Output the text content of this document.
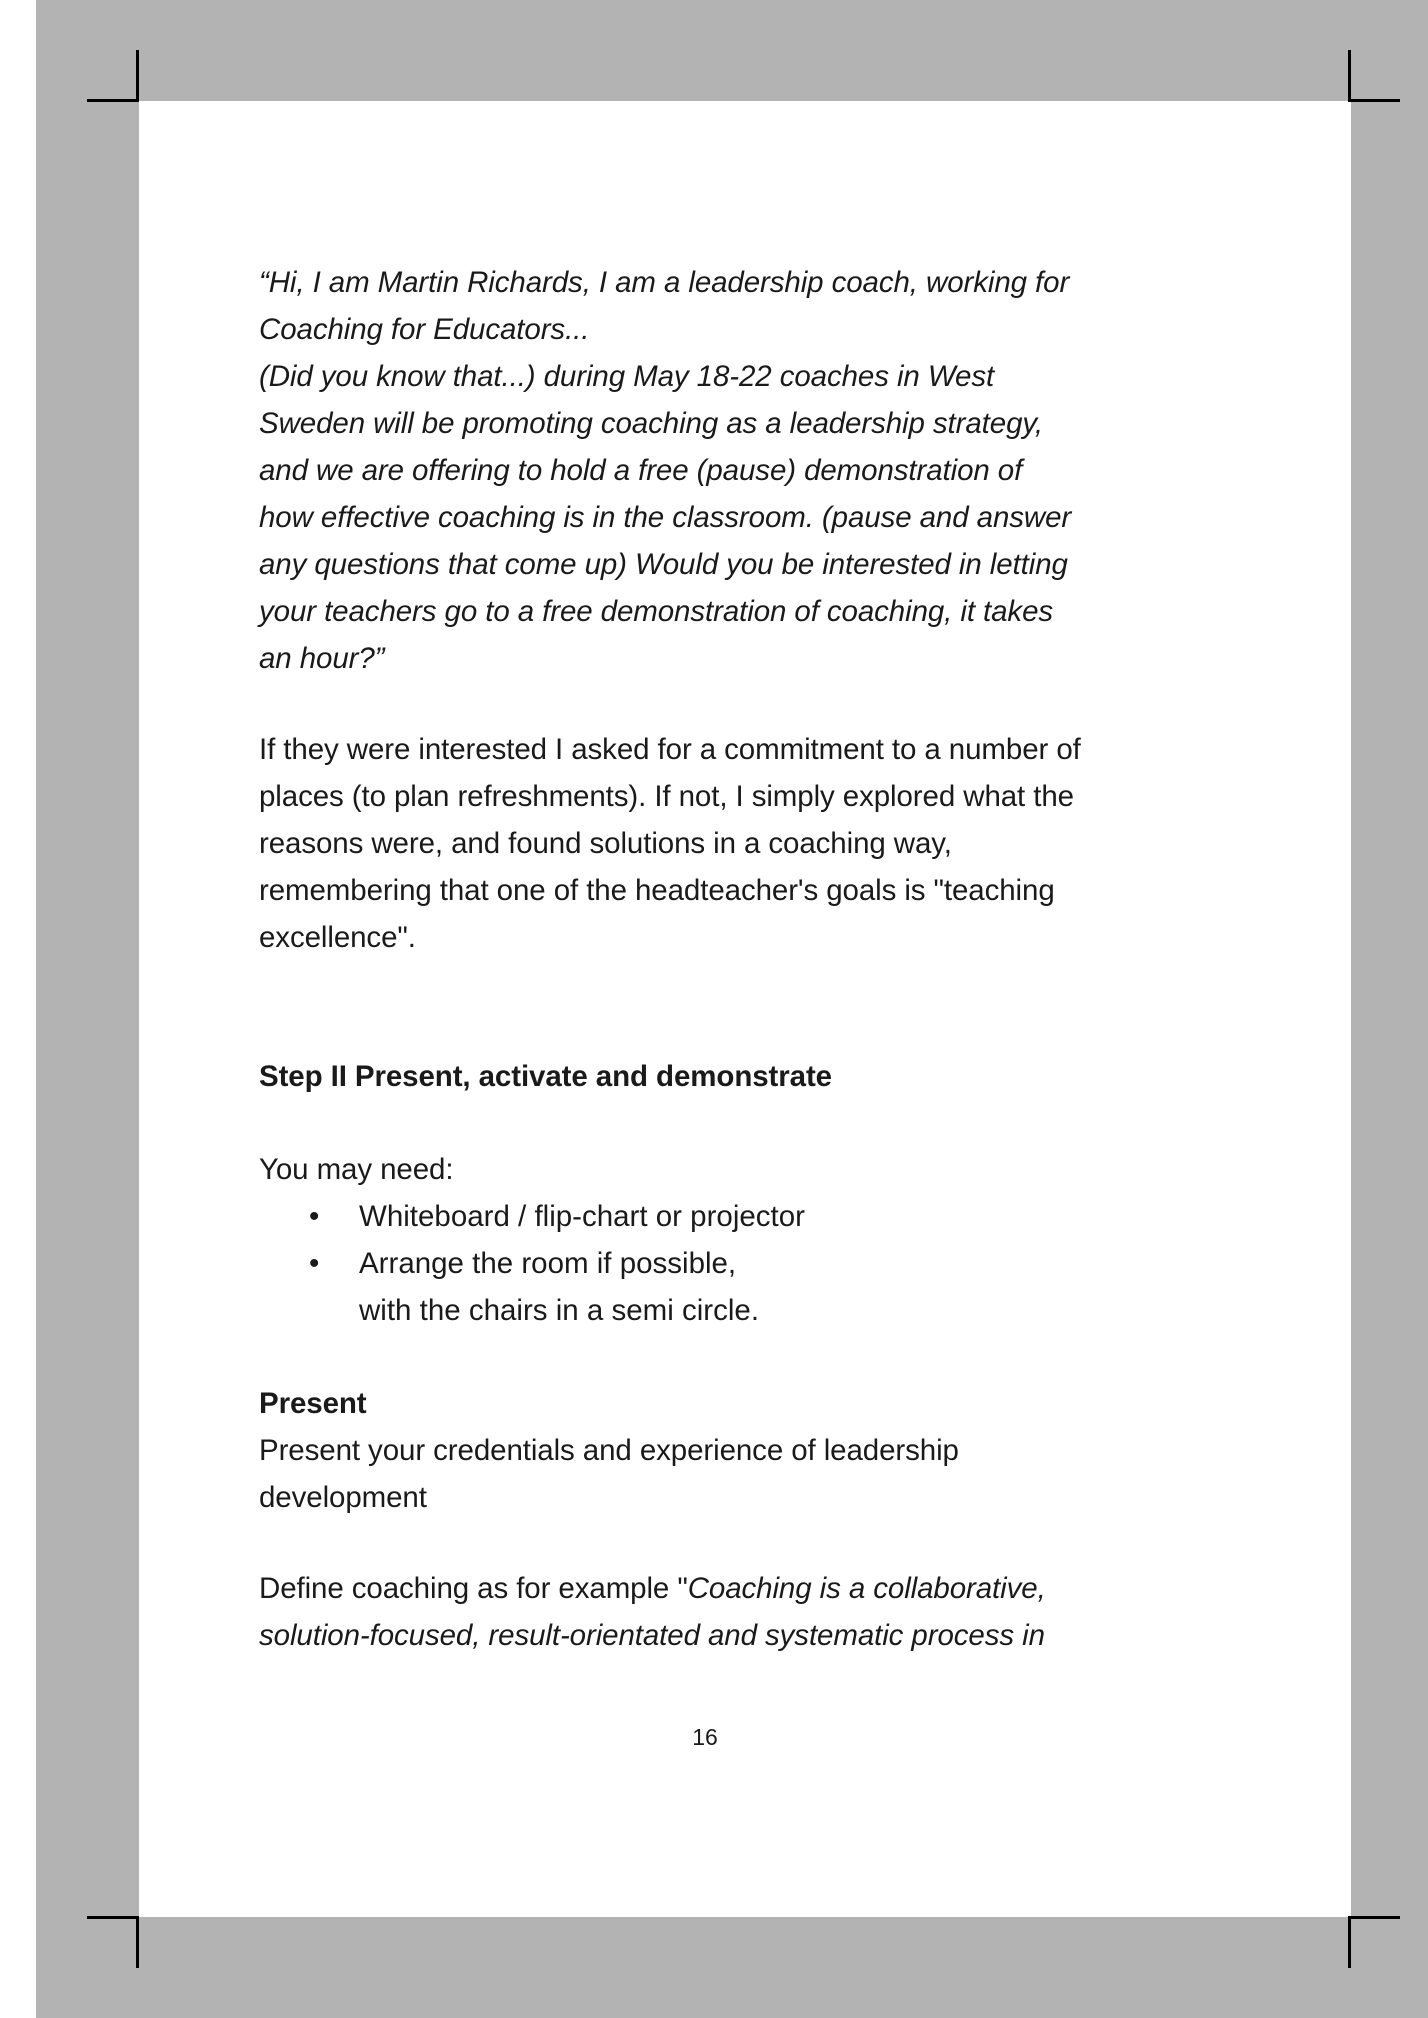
“Hi, I am Martin Richards, I am a leadership coach, working for
Coaching for Educators...
(Did you know that...) during May 18-22 coaches in West
Sweden will be promoting coaching as a leadership strategy,
and we are offering to hold a free (pause) demonstration of
how effective coaching is in the classroom. (pause and answer
any questions that come up) Would you be interested in letting
your teachers go to a free demonstration of coaching, it takes
an hour?”
If they were interested I asked for a commitment to a number of
places (to plan refreshments). If not, I simply explored what the
reasons were, and found solutions in a coaching way,
remembering that one of the headteacher's goals is "teaching
excellence".
Step II Present, activate and demonstrate
You may need:
• Whiteboard / flip-chart or projector
• Arrange the room if possible,
with the chairs in a semi circle.
Present
Present your credentials and experience of leadership
development
Define coaching as for example "Coaching is a collaborative,
solution-focused, result-orientated and systematic process in
16
